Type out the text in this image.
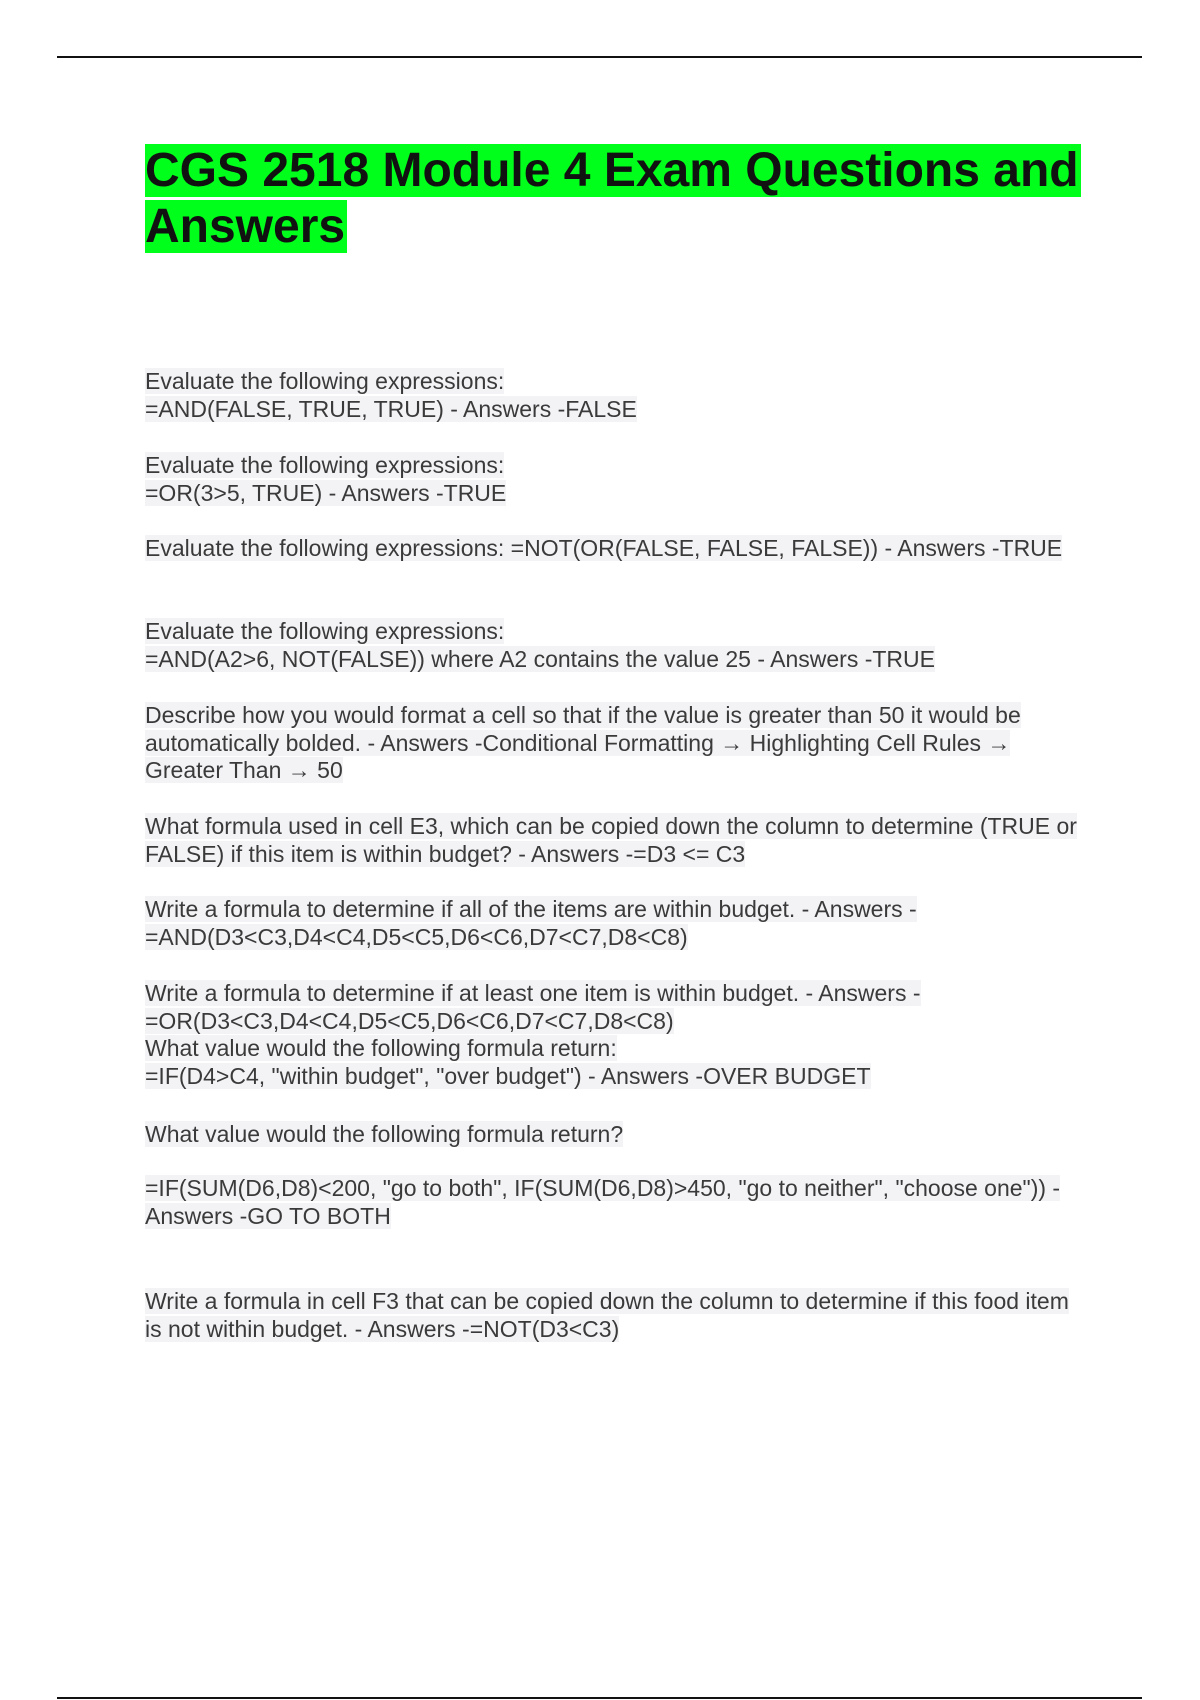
CGS 2518 Module 4 Exam Questions and Answers

Evaluate the following expressions:
=AND(FALSE, TRUE, TRUE) - Answers -FALSE

Evaluate the following expressions:
=OR(3>5, TRUE) - Answers -TRUE

Evaluate the following expressions: =NOT(OR(FALSE, FALSE, FALSE)) - Answers -TRUE

Evaluate the following expressions:
=AND(A2>6, NOT(FALSE)) where A2 contains the value 25 - Answers -TRUE

Describe how you would format a cell so that if the value is greater than 50 it would be automatically bolded. - Answers -Conditional Formatting → Highlighting Cell Rules → Greater Than → 50

What formula used in cell E3, which can be copied down the column to determine (TRUE or FALSE) if this item is within budget? - Answers -=D3 <= C3

Write a formula to determine if all of the items are within budget. - Answers -=AND(D3<C3,D4<C4,D5<C5,D6<C6,D7<C7,D8<C8)

Write a formula to determine if at least one item is within budget. - Answers -=OR(D3<C3,D4<C4,D5<C5,D6<C6,D7<C7,D8<C8)
What value would the following formula return:
=IF(D4>C4, "within budget", "over budget") - Answers -OVER BUDGET

What value would the following formula return?

=IF(SUM(D6,D8)<200, "go to both", IF(SUM(D6,D8)>450, "go to neither", "choose one")) - Answers -GO TO BOTH

Write a formula in cell F3 that can be copied down the column to determine if this food item is not within budget. - Answers -=NOT(D3<C3)
